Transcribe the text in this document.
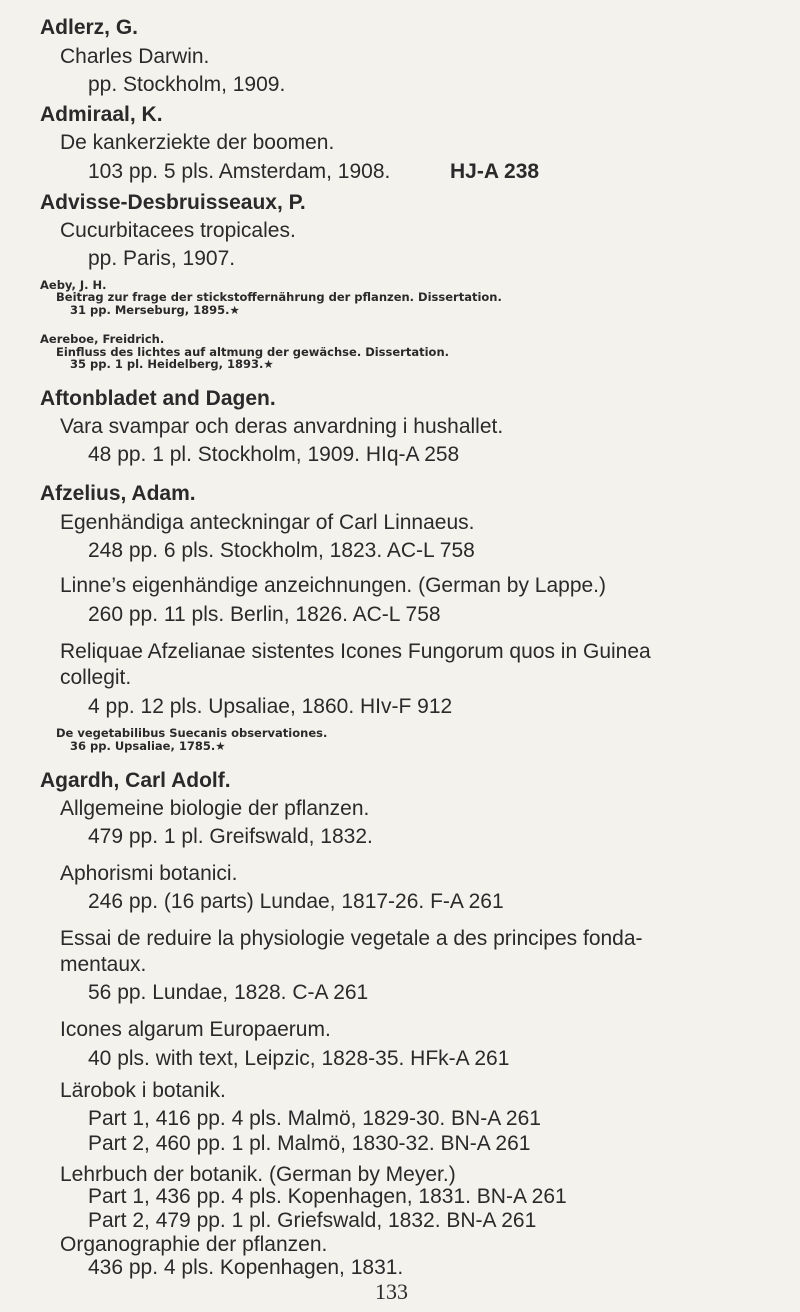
Adlerz, G.
Charles Darwin.
pp. Stockholm, 1909.
Admiraal, K.
De kankerziekte der boomen.
103 pp. 5 pls. Amsterdam, 1908.	HJ-A 238
Advisse-Desbruisseaux, P.
Cucurbitacees tropicales.
pp. Paris, 1907.
Aeby, J. H.
Beitrag zur frage der stickstoffernährung der pflanzen. Dissertation.
31 pp. Merseburg, 1895.★
Aereboe, Freidrich.
Einfluss des lichtes auf altmung der gewächse. Dissertation.
35 pp. 1 pl. Heidelberg, 1893.★
Aftonbladet and Dagen.
Vara svampar och deras anvardning i hushallet.
48 pp. 1 pl. Stockholm, 1909. HIq-A 258
Afzelius, Adam.
Egenhändiga anteckningar of Carl Linnaeus.
248 pp. 6 pls. Stockholm, 1823. AC-L 758
Linne’s eigenhändige anzeichnungen. (German by Lappe.)
260 pp. 11 pls. Berlin, 1826. AC-L 758
Reliquae Afzelianae sistentes Icones Fungorum quos in Guinea
collegit.
4 pp. 12 pls. Upsaliae, 1860. HIv-F 912
De vegetabilibus Suecanis observationes.
36 pp. Upsaliae, 1785.★
Agardh, Carl Adolf.
Allgemeine biologie der pflanzen.
479 pp. 1 pl. Greifswald, 1832.
Aphorismi botanici.
246 pp. (16 parts) Lundae, 1817-26. F-A 261
Essai de reduire la physiologie vegetale a des principes fonda-
mentaux.
56 pp. Lundae, 1828. C-A 261
Icones algarum Europaerum.
40 pls. with text, Leipzic, 1828-35. HFk-A 261
Lärobok i botanik.
Part 1, 416 pp. 4 pls. Malmö, 1829-30. BN-A 261
Part 2, 460 pp. 1 pl. Malmö, 1830-32. BN-A 261
Lehrbuch der botanik. (German by Meyer.)
Part 1, 436 pp. 4 pls. Kopenhagen, 1831. BN-A 261
Part 2, 479 pp. 1 pl. Griefswald, 1832. BN-A 261
Organographie der pflanzen.
436 pp. 4 pls. Kopenhagen, 1831.
133
